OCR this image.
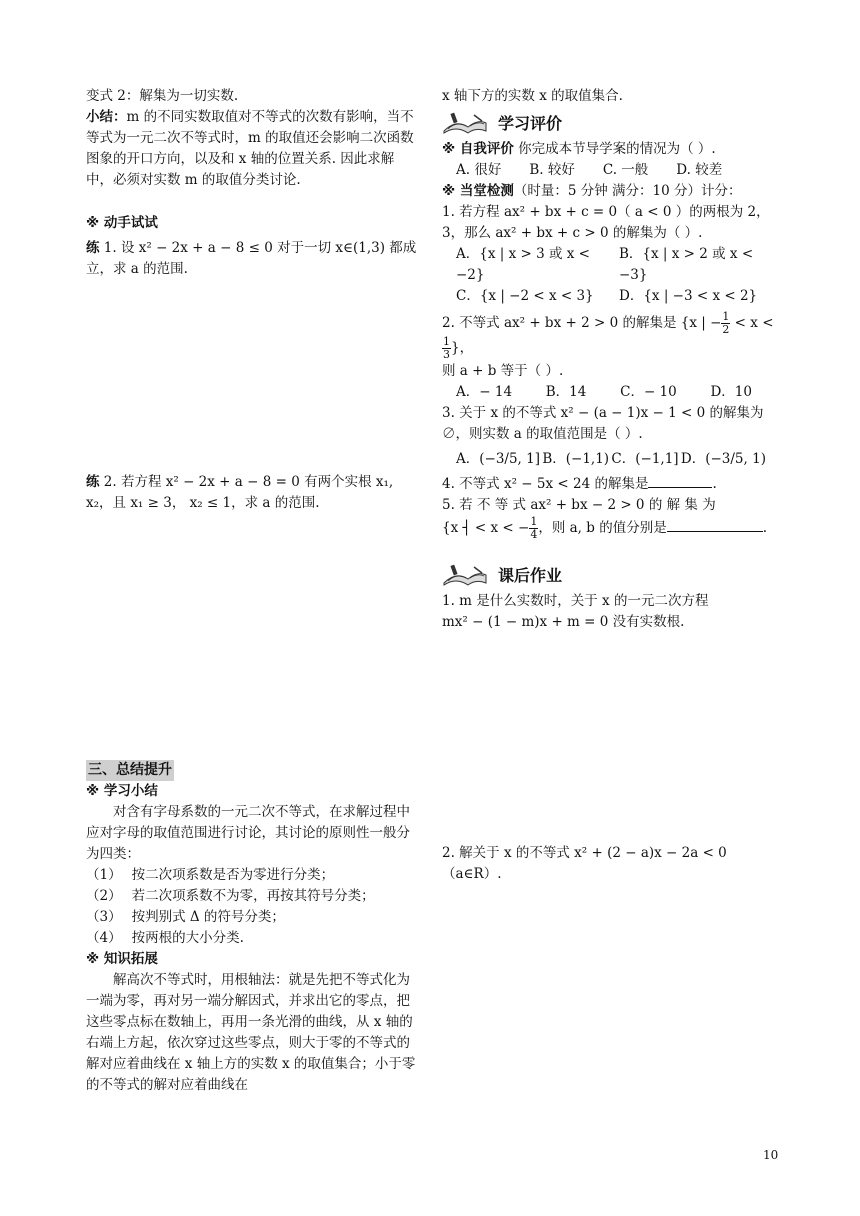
变式 2：解集为一切实数.

小结：m 的不同实数取值对不等式的次数有影响，当不等式为一元二次不等式时，m 的取值还会影响二次函数图象的开口方向，以及和 x 轴的位置关系. 因此求解中，必须对实数 m 的取值分类讨论.

※ 动手试试

练 1. 设 x² − 2x + a − 8 ≤ 0 对于一切 x∈(1,3) 都成立，求 a 的范围.

练 2. 若方程 x² − 2x + a − 8 = 0 有两个实根 x₁, x₂，且 x₁ ≥ 3， x₂ ≤ 1，求 a 的范围.

三、总结提升

※ 学习小结

对含有字母系数的一元二次不等式，在求解过程中应对字母的取值范围进行讨论，其讨论的原则性一般分为四类：

（1） 按二次项系数是否为零进行分类；

（2） 若二次项系数不为零，再按其符号分类；

（3） 按判别式 Δ 的符号分类；

（4） 按两根的大小分类.

※ 知识拓展

解高次不等式时，用根轴法：就是先把不等式化为一端为零，再对另一端分解因式，并求出它的零点，把这些零点标在数轴上，再用一条光滑的曲线，从 x 轴的右端上方起，依次穿过这些零点，则大于零的不等式的解对应着曲线在 x 轴上方的实数 x 的取值集合；小于零的不等式的解对应着曲线在

x 轴下方的实数 x 的取值集合.

学习评价

※ 自我评价 你完成本节导学案的情况为（ ）.

A. 很好 B. 较好 C. 一般 D. 较差

※ 当堂检测（时量：5 分钟 满分：10 分）计分：

1. 若方程 ax² + bx + c = 0（ a < 0 ）的两根为 2，3，那么 ax² + bx + c > 0 的解集为（ ）.

A．{x | x > 3 或 x < −2}
B．{x | x > 2 或 x < −3}
C．{x | −2 < x < 3}	D．{x | −3 < x < 2}

2. 不等式 ax² + bx + 2 > 0 的解集是 {x | − $\frac{1}{2} < x$ <
$\frac{1}{3}$ }，

则 a + b 等于（ ）.

A．− 14 B．14 C．− 10 D．10

3. 关于 x 的不等式 x² − (a − 1)x − 1 < 0 的解集为 ∅，则实数 a 的取值范围是（ ）.

A．(−3/5, 1] B．(−1,1) C．(−1,1] D．(−3/5, 1)

4. 不等式 x² − 5x < 24 的解集是	.

5. 若 不 等 式 ax² + bx − 2 > 0 的 解 集 为

{x ┤ < x < − $\frac{1}{4}$ ，则 a, b 的值分别是	.

课后作业

1. m 是什么实数时，关于 x 的一元二次方程

mx² − (1 − m)x + m = 0 没有实数根.

2. 解关于 x 的不等式 x² + (2 − a)x − 2a < 0（a∈R）.

10
